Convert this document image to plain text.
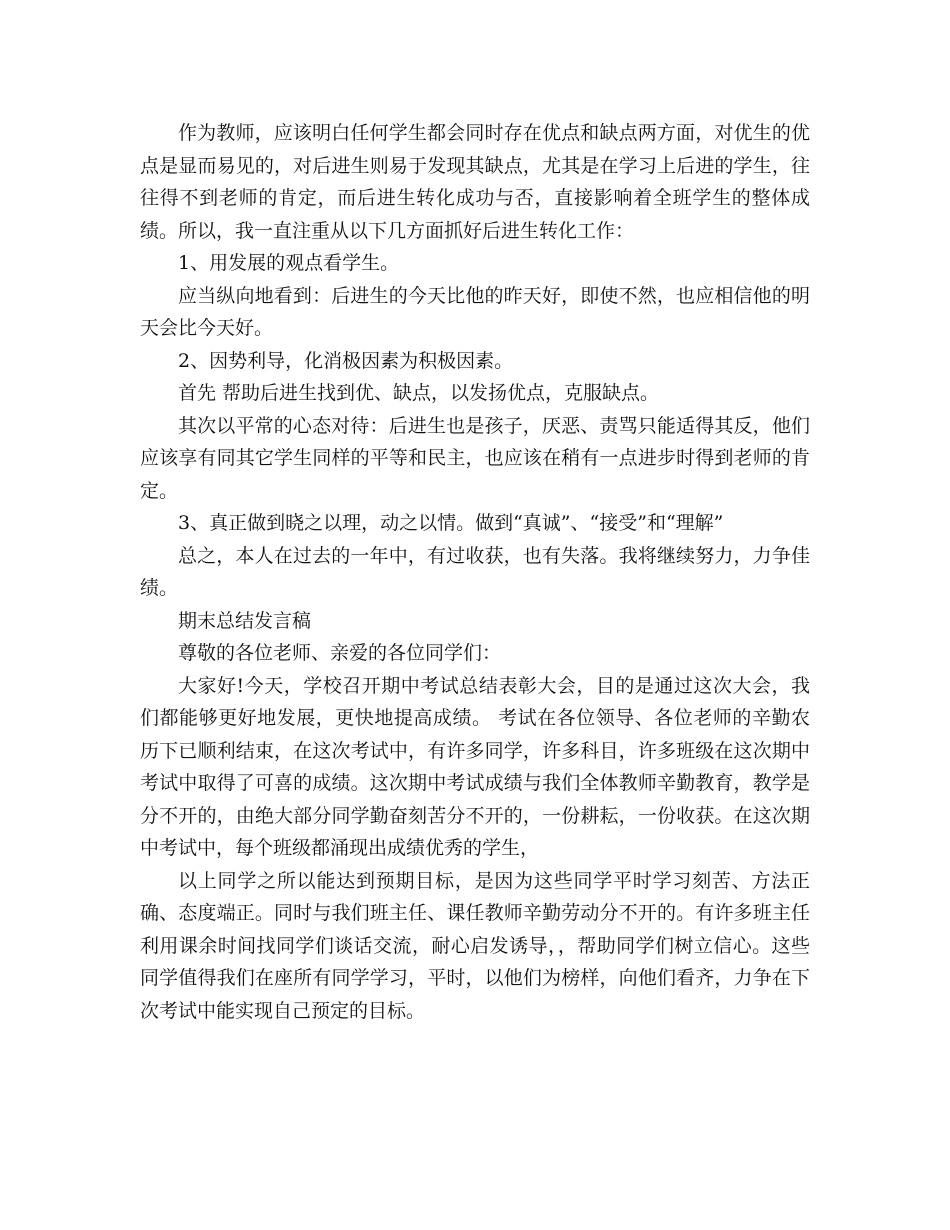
作为教师，应该明白任何学生都会同时存在优点和缺点两方面，对优生的优点是显而易见的，对后进生则易于发现其缺点，尤其是在学习上后进的学生，往往得不到老师的肯定，而后进生转化成功与否，直接影响着全班学生的整体成绩。所以，我一直注重从以下几方面抓好后进生转化工作：

1、用发展的观点看学生。

应当纵向地看到：后进生的今天比他的昨天好，即使不然，也应相信他的明天会比今天好。

2、因势利导，化消极因素为积极因素。

首先 帮助后进生找到优、缺点，以发扬优点，克服缺点。

其次以平常的心态对待：后进生也是孩子，厌恶、责骂只能适得其反，他们应该享有同其它学生同样的平等和民主，也应该在稍有一点进步时得到老师的肯定。

3、真正做到晓之以理，动之以情。做到“真诚”、“接受”和“理解”

总之，本人在过去的一年中，有过收获，也有失落。我将继续努力，力争佳绩。

期末总结发言稿

尊敬的各位老师、亲爱的各位同学们：

大家好!今天，学校召开期中考试总结表彰大会，目的是通过这次大会，我们都能够更好地发展，更快地提高成绩。 考试在各位领导、各位老师的辛勤农历下已顺利结束，在这次考试中，有许多同学，许多科目，许多班级在这次期中考试中取得了可喜的成绩。这次期中考试成绩与我们全体教师辛勤教育，教学是分不开的，由绝大部分同学勤奋刻苦分不开的，一份耕耘，一份收获。在这次期中考试中，每个班级都涌现出成绩优秀的学生，

以上同学之所以能达到预期目标，是因为这些同学平时学习刻苦、方法正确、态度端正。同时与我们班主任、课任教师辛勤劳动分不开的。有许多班主任利用课余时间找同学们谈话交流，耐心启发诱导，，帮助同学们树立信心。这些同学值得我们在座所有同学学习，平时，以他们为榜样，向他们看齐，力争在下次考试中能实现自己预定的目标。
